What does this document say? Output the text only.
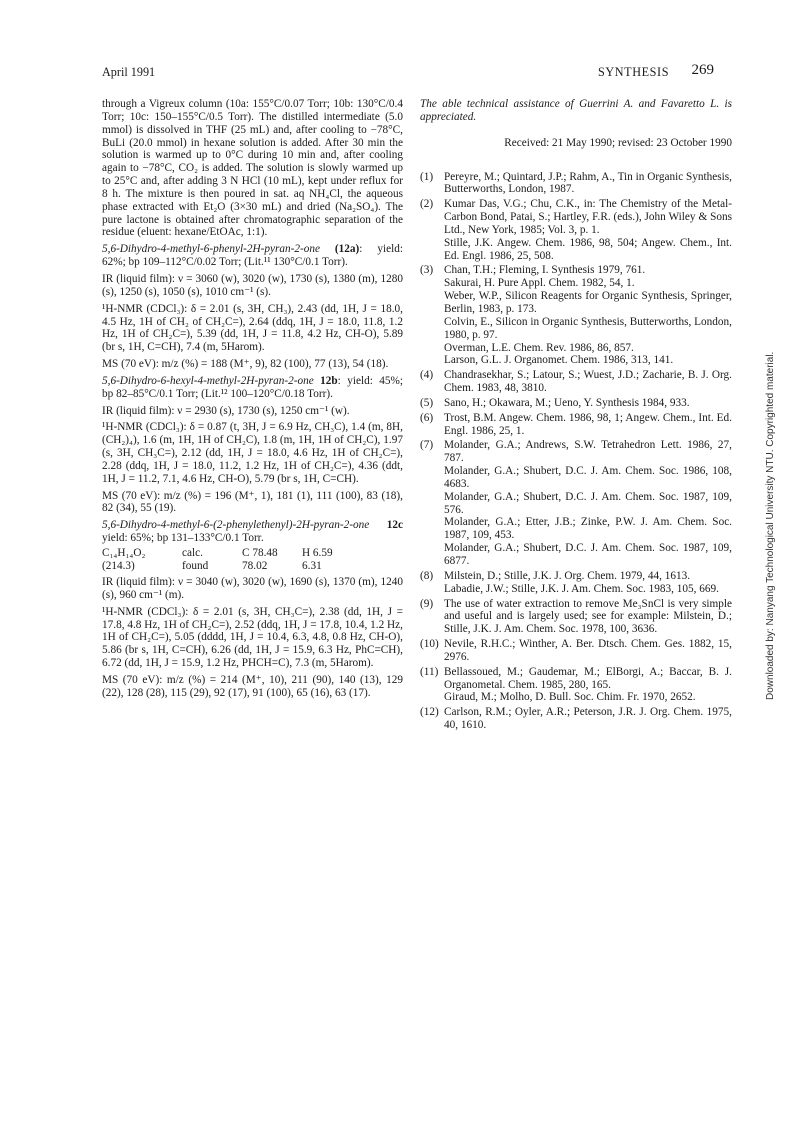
April 1991	SYNTHESIS 269

through a Vigreux column (10a: 155°C/0.07 Torr; 10b: 130°C/0.4 Torr; 10c: 150–155°C/0.5 Torr). The distilled intermediate (5.0 mmol) is dissolved in THF (25 mL) and, after cooling to −78°C, BuLi (20.0 mmol) in hexane solution is added. After 30 min the solution is warmed up to 0°C during 10 min and, after cooling again to −78°C, CO₂ is added. The solution is slowly warmed up to 25°C and, after adding 3 N HCl (10 mL), kept under reflux for 8 h. The mixture is then poured in sat. aq NH₄Cl, the aqueous phase extracted with Et₂O (3×30 mL) and dried (Na₂SO₄). The pure lactone is obtained after chromatographic separation of the residue (eluent: hexane/EtOAc, 1:1).

5,6-Dihydro-4-methyl-6-phenyl-2H-pyran-2-one (12a): yield: 62%; bp 109–112°C/0.02 Torr; (Lit.¹¹ 130°C/0.1 Torr).

IR (liquid film): ν = 3060 (w), 3020 (w), 1730 (s), 1380 (m), 1280 (s), 1250 (s), 1050 (s), 1010 cm⁻¹ (s).

¹H-NMR (CDCl₃): δ = 2.01 (s, 3H, CH₃), 2.43 (dd, 1H, J = 18.0, 4.5 Hz, 1H of CH₂ of CH₂C=), 2.64 (ddq, 1H, J = 18.0, 11.8, 1.2 Hz, 1H of CH₂C=), 5.39 (dd, 1H, J = 11.8, 4.2 Hz, CH-O), 5.89 (br s, 1H, C=CH), 7.4 (m, 5Harom).

MS (70 eV): m/z (%) = 188 (M⁺, 9), 82 (100), 77 (13), 54 (18).

5,6-Dihydro-6-hexyl-4-methyl-2H-pyran-2-one 12b: yield: 45%; bp 82–85°C/0.1 Torr; (Lit.¹² 100–120°C/0.18 Torr).

IR (liquid film): ν = 2930 (s), 1730 (s), 1250 cm⁻¹ (w).

¹H-NMR (CDCl₃): δ = 0.87 (t, 3H, J = 6.9 Hz, CH₃C), 1.4 (m, 8H, (CH₂)₄), 1.6 (m, 1H, 1H of CH₂C), 1.8 (m, 1H, 1H of CH₂C), 1.97 (s, 3H, CH₃C=), 2.12 (dd, 1H, J = 18.0, 4.6 Hz, 1H of CH₂C=), 2.28 (ddq, 1H, J = 18.0, 11.2, 1.2 Hz, 1H of CH₂C=), 4.36 (ddt, 1H, J = 11.2, 7.1, 4.6 Hz, CH-O), 5.79 (br s, 1H, C=CH).

MS (70 eV): m/z (%) = 196 (M⁺, 1), 181 (1), 111 (100), 83 (18), 82 (34), 55 (19).

5,6-Dihydro-4-methyl-6-(2-phenylethenyl)-2H-pyran-2-one 12c

yield: 65%; bp 131–133°C/0.1 Torr.

C₁₄H₁₄O₂	calc.	C 78.48	H 6.59
(214.3)	found	78.02	6.31

IR (liquid film): ν = 3040 (w), 3020 (w), 1690 (s), 1370 (m), 1240 (s), 960 cm⁻¹ (m).

¹H-NMR (CDCl₃): δ = 2.01 (s, 3H, CH₃C=), 2.38 (dd, 1H, J = 17.8, 4.8 Hz, 1H of CH₂C=), 2.52 (ddq, 1H, J = 17.8, 10.4, 1.2 Hz, 1H of CH₂C=), 5.05 (dddd, 1H, J = 10.4, 6.3, 4.8, 0.8 Hz, CH-O), 5.86 (br s, 1H, C=CH), 6.26 (dd, 1H, J = 15.9, 6.3 Hz, PhC=CH), 6.72 (dd, 1H, J = 15.9, 1.2 Hz, PHCH=C), 7.3 (m, 5Harom).

MS (70 eV): m/z (%) = 214 (M⁺, 10), 211 (90), 140 (13), 129 (22), 128 (28), 115 (29), 92 (17), 91 (100), 65 (16), 63 (17).

The able technical assistance of Guerrini A. and Favaretto L. is appreciated.

Received: 21 May 1990; revised: 23 October 1990

(1) Pereyre, M.; Quintard, J.P.; Rahm, A., Tin in Organic Synthesis, Butterworths, London, 1987.

(2) Kumar Das, V.G.; Chu, C.K., in: The Chemistry of the Metal-Carbon Bond, Patai, S.; Hartley, F.R. (eds.), John Wiley & Sons Ltd., New York, 1985; Vol. 3, p. 1.

Stille, J.K. Angew. Chem. 1986, 98, 504; Angew. Chem., Int. Ed. Engl. 1986, 25, 508.

(3) Chan, T.H.; Fleming, I. Synthesis 1979, 761.

Sakurai, H. Pure Appl. Chem. 1982, 54, 1.

Weber, W.P., Silicon Reagents for Organic Synthesis, Springer, Berlin, 1983, p. 173.

Colvin, E., Silicon in Organic Synthesis, Butterworths, London, 1980, p. 97.

Overman, L.E. Chem. Rev. 1986, 86, 857.

Larson, G.L. J. Organomet. Chem. 1986, 313, 141.

(4) Chandrasekhar, S.; Latour, S.; Wuest, J.D.; Zacharie, B. J. Org. Chem. 1983, 48, 3810.

(5) Sano, H.; Okawara, M.; Ueno, Y. Synthesis 1984, 933.

(6) Trost, B.M. Angew. Chem. 1986, 98, 1; Angew. Chem., Int. Ed. Engl. 1986, 25, 1.

(7) Molander, G.A.; Andrews, S.W. Tetrahedron Lett. 1986, 27, 787.

Molander, G.A.; Shubert, D.C. J. Am. Chem. Soc. 1986, 108, 4683.

Molander, G.A.; Shubert, D.C. J. Am. Chem. Soc. 1987, 109, 576.

Molander, G.A.; Etter, J.B.; Zinke, P.W. J. Am. Chem. Soc. 1987, 109, 453.

Molander, G.A.; Shubert, D.C. J. Am. Chem. Soc. 1987, 109, 6877.

(8) Milstein, D.; Stille, J.K. J. Org. Chem. 1979, 44, 1613.

Labadie, J.W.; Stille, J.K. J. Am. Chem. Soc. 1983, 105, 669.

(9) The use of water extraction to remove Me₃SnCl is very simple and useful and is largely used; see for example: Milstein, D.; Stille, J.K. J. Am. Chem. Soc. 1978, 100, 3636.

(10) Nevile, R.H.C.; Winther, A. Ber. Dtsch. Chem. Ges. 1882, 15, 2976.

(11) Bellassoued, M.; Gaudemar, M.; ElBorgi, A.; Baccar, B. J. Organometal. Chem. 1985, 280, 165.

Giraud, M.; Molho, D. Bull. Soc. Chim. Fr. 1970, 2652.

(12) Carlson, R.M.; Oyler, A.R.; Peterson, J.R. J. Org. Chem. 1975, 40, 1610.

Downloaded by: Nanyang Technological University NTU. Copyrighted material.
